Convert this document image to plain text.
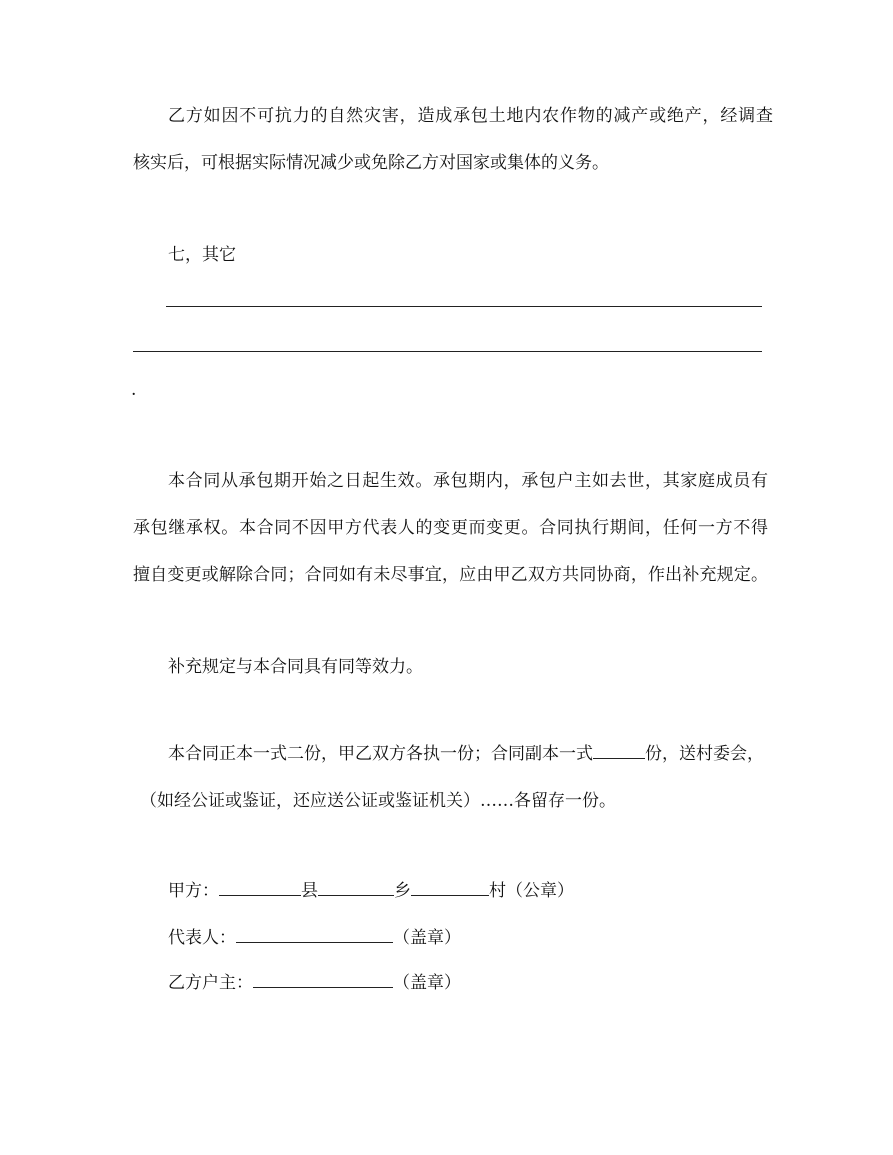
乙方如因不可抗力的自然灾害，造成承包土地内农作物的减产或绝产，经调查
核实后，可根据实际情况减少或免除乙方对国家或集体的义务。
七，其它
.
本合同从承包期开始之日起生效。承包期内，承包户主如去世，其家庭成员有
承包继承权。本合同不因甲方代表人的变更而变更。合同执行期间，任何一方不得
擅自变更或解除合同；合同如有未尽事宜，应由甲乙双方共同协商，作出补充规定。
补充规定与本合同具有同等效力。
本合同正本一式二份，甲乙双方各执一份；合同副本一式	份，送村委会，
（如经公证或鉴证，还应送公证或鉴证机关）……各留存一份。
甲方：	县	乡	村（公章）
代表人：	（盖章）
乙方户主：	（盖章）
